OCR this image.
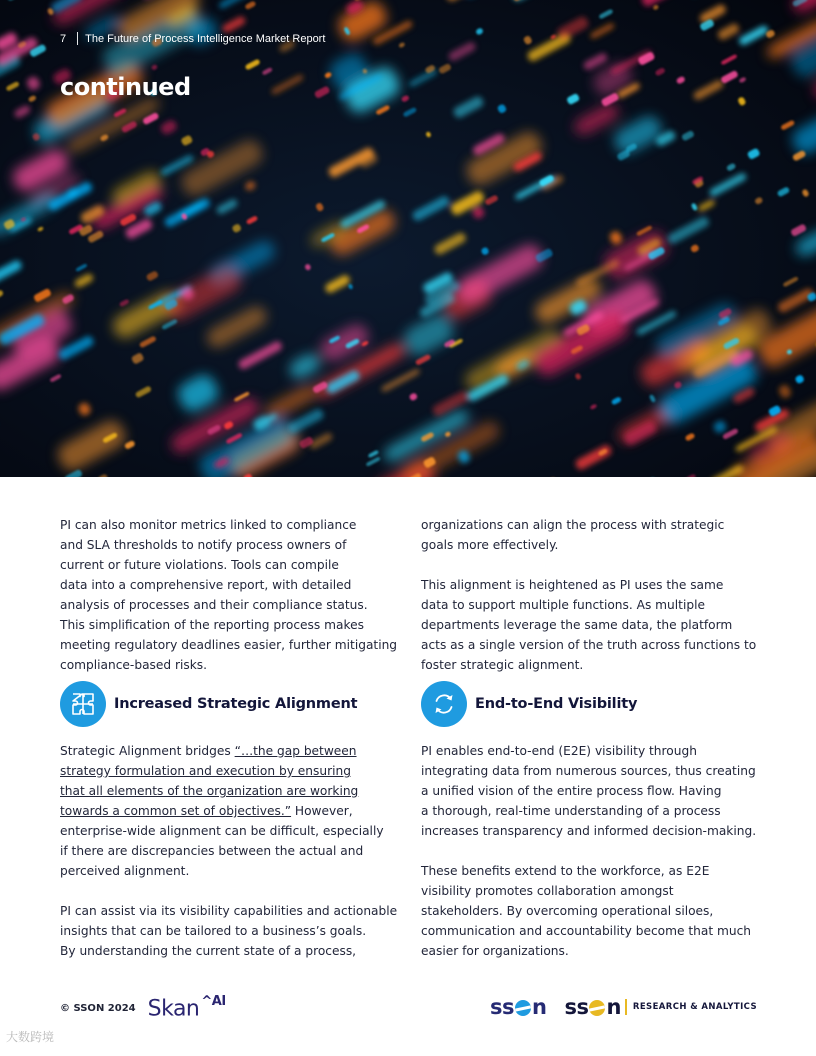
7 The Future of Process Intelligence Market Report
continued

PI can also monitor metrics linked to compliance
and SLA thresholds to notify process owners of
current or future violations. Tools can compile
data into a comprehensive report, with detailed
analysis of processes and their compliance status.
This simplification of the reporting process makes
meeting regulatory deadlines easier, further mitigating
compliance-based risks.

Increased Strategic Alignment

Strategic Alignment bridges “…the gap between
strategy formulation and execution by ensuring
that all elements of the organization are working
towards a common set of objectives.” However,
enterprise-wide alignment can be difficult, especially
if there are discrepancies between the actual and
perceived alignment.

PI can assist via its visibility capabilities and actionable
insights that can be tailored to a business’s goals.
By understanding the current state of a process,

organizations can align the process with strategic
goals more effectively.

This alignment is heightened as PI uses the same
data to support multiple functions. As multiple
departments leverage the same data, the platform
acts as a single version of the truth across functions to
foster strategic alignment.

End-to-End Visibility

PI enables end-to-end (E2E) visibility through
integrating data from numerous sources, thus creating
a unified vision of the entire process flow. Having
a thorough, real-time understanding of a process
increases transparency and informed decision-making.

These benefits extend to the workforce, as E2E
visibility promotes collaboration amongst
stakeholders. By overcoming operational siloes,
communication and accountability become that much
easier for organizations.

© SSON 2024 Skan $^{\^{}AI}$	ss n ss n RESEARCH & ANALYTICS
大数跨境
